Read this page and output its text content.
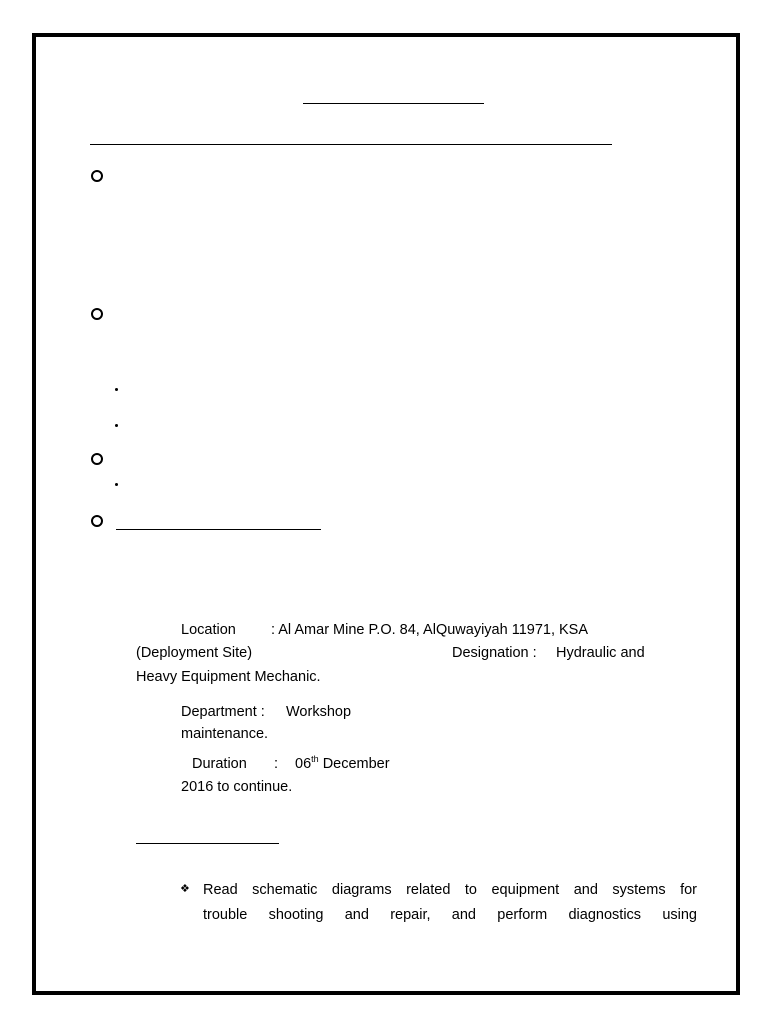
Location : Al Amar Mine P.O. 84, AlQuwayiyah 11971, KSA
(Deployment Site)	Designation : Hydraulic and
Heavy Equipment Mechanic.
Department : Workshop
maintenance.
Duration : 06th December
2016 to continue.
❖ Read schematic diagrams related to equipment and systems for
trouble shooting and repair, and perform diagnostics using
